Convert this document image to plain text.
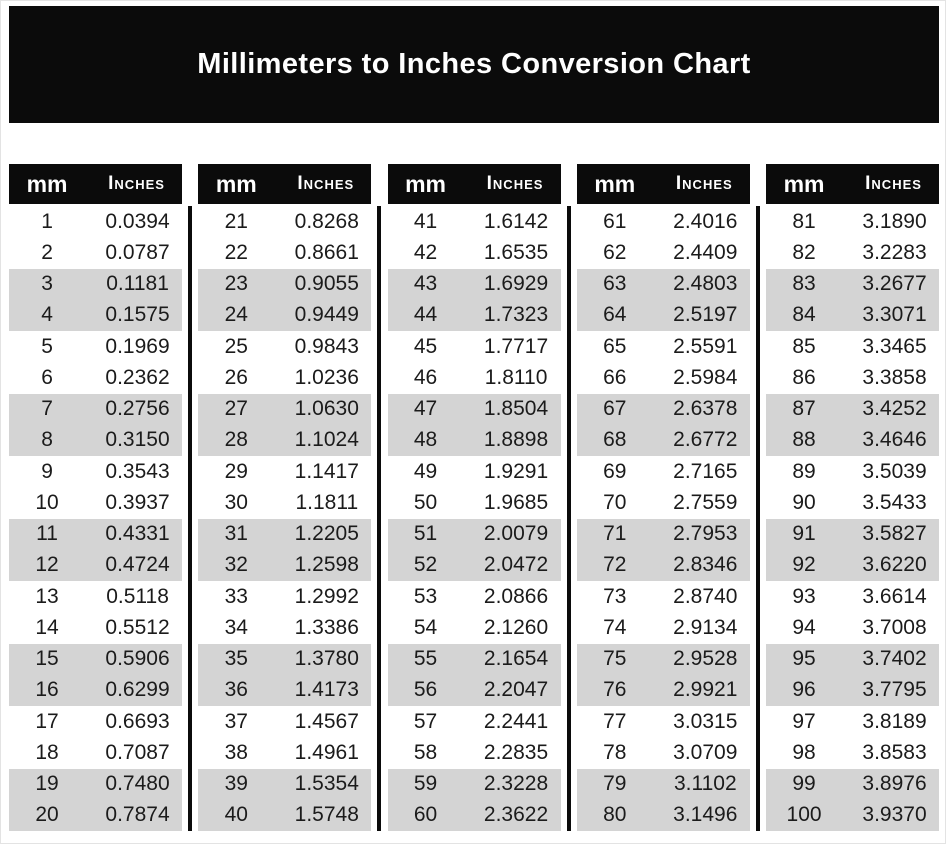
Millimeters to Inches Conversion Chart
mm	Inches
1	0.0394
2	0.0787
3	0.1181
4	0.1575
5	0.1969
6	0.2362
7	0.2756
8	0.3150
9	0.3543
10	0.3937
11	0.4331
12	0.4724
13	0.5118
14	0.5512
15	0.5906
16	0.6299
17	0.6693
18	0.7087
19	0.7480
20	0.7874
mm	Inches
21	0.8268
22	0.8661
23	0.9055
24	0.9449
25	0.9843
26	1.0236
27	1.0630
28	1.1024
29	1.1417
30	1.1811
31	1.2205
32	1.2598
33	1.2992
34	1.3386
35	1.3780
36	1.4173
37	1.4567
38	1.4961
39	1.5354
40	1.5748
mm	Inches
41	1.6142
42	1.6535
43	1.6929
44	1.7323
45	1.7717
46	1.8110
47	1.8504
48	1.8898
49	1.9291
50	1.9685
51	2.0079
52	2.0472
53	2.0866
54	2.1260
55	2.1654
56	2.2047
57	2.2441
58	2.2835
59	2.3228
60	2.3622
mm	Inches
61	2.4016
62	2.4409
63	2.4803
64	2.5197
65	2.5591
66	2.5984
67	2.6378
68	2.6772
69	2.7165
70	2.7559
71	2.7953
72	2.8346
73	2.8740
74	2.9134
75	2.9528
76	2.9921
77	3.0315
78	3.0709
79	3.1102
80	3.1496
mm	Inches
81	3.1890
82	3.2283
83	3.2677
84	3.3071
85	3.3465
86	3.3858
87	3.4252
88	3.4646
89	3.5039
90	3.5433
91	3.5827
92	3.6220
93	3.6614
94	3.7008
95	3.7402
96	3.7795
97	3.8189
98	3.8583
99	3.8976
100	3.9370
